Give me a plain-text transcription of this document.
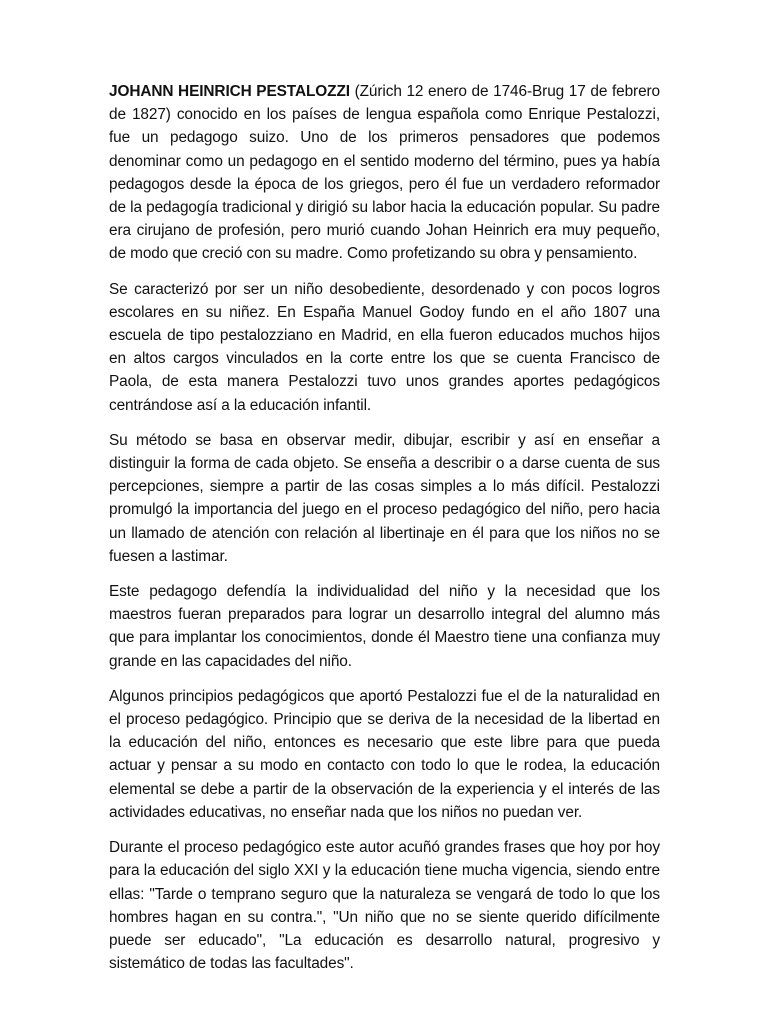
JOHANN HEINRICH PESTALOZZI (Zúrich 12 enero de 1746-Brug 17 de febrero de 1827) conocido en los países de lengua española como Enrique Pestalozzi, fue un pedagogo suizo. Uno de los primeros pensadores que podemos denominar como un pedagogo en el sentido moderno del término, pues ya había pedagogos desde la época de los griegos, pero él fue un verdadero reformador de la pedagogía tradicional y dirigió su labor hacia la educación popular. Su padre era cirujano de profesión, pero murió cuando Johan Heinrich era muy pequeño, de modo que creció con su madre. Como profetizando su obra y pensamiento.

Se caracterizó por ser un niño desobediente, desordenado y con pocos logros escolares en su niñez. En España Manuel Godoy fundo en el año 1807 una escuela de tipo pestalozziano en Madrid, en ella fueron educados muchos hijos en altos cargos vinculados en la corte entre los que se cuenta Francisco de Paola, de esta manera Pestalozzi tuvo unos grandes aportes pedagógicos centrándose así a la educación infantil.

Su método se basa en observar medir, dibujar, escribir y así en enseñar a distinguir la forma de cada objeto. Se enseña a describir o a darse cuenta de sus percepciones, siempre a partir de las cosas simples a lo más difícil. Pestalozzi promulgó la importancia del juego en el proceso pedagógico del niño, pero hacia un llamado de atención con relación al libertinaje en él para que los niños no se fuesen a lastimar.

Este pedagogo defendía la individualidad del niño y la necesidad que los maestros fueran preparados para lograr un desarrollo integral del alumno más que para implantar los conocimientos, donde él Maestro tiene una confianza muy grande en las capacidades del niño.

Algunos principios pedagógicos que aportó Pestalozzi fue el de la naturalidad en el proceso pedagógico. Principio que se deriva de la necesidad de la libertad en la educación del niño, entonces es necesario que este libre para que pueda actuar y pensar a su modo en contacto con todo lo que le rodea, la educación elemental se debe a partir de la observación de la experiencia y el interés de las actividades educativas, no enseñar nada que los niños no puedan ver.

Durante el proceso pedagógico este autor acuñó grandes frases que hoy por hoy para la educación del siglo XXI y la educación tiene mucha vigencia, siendo entre ellas: "Tarde o temprano seguro que la naturaleza se vengará de todo lo que los hombres hagan en su contra.", "Un niño que no se siente querido difícilmente puede ser educado", "La educación es desarrollo natural, progresivo y sistemático de todas las facultades".
